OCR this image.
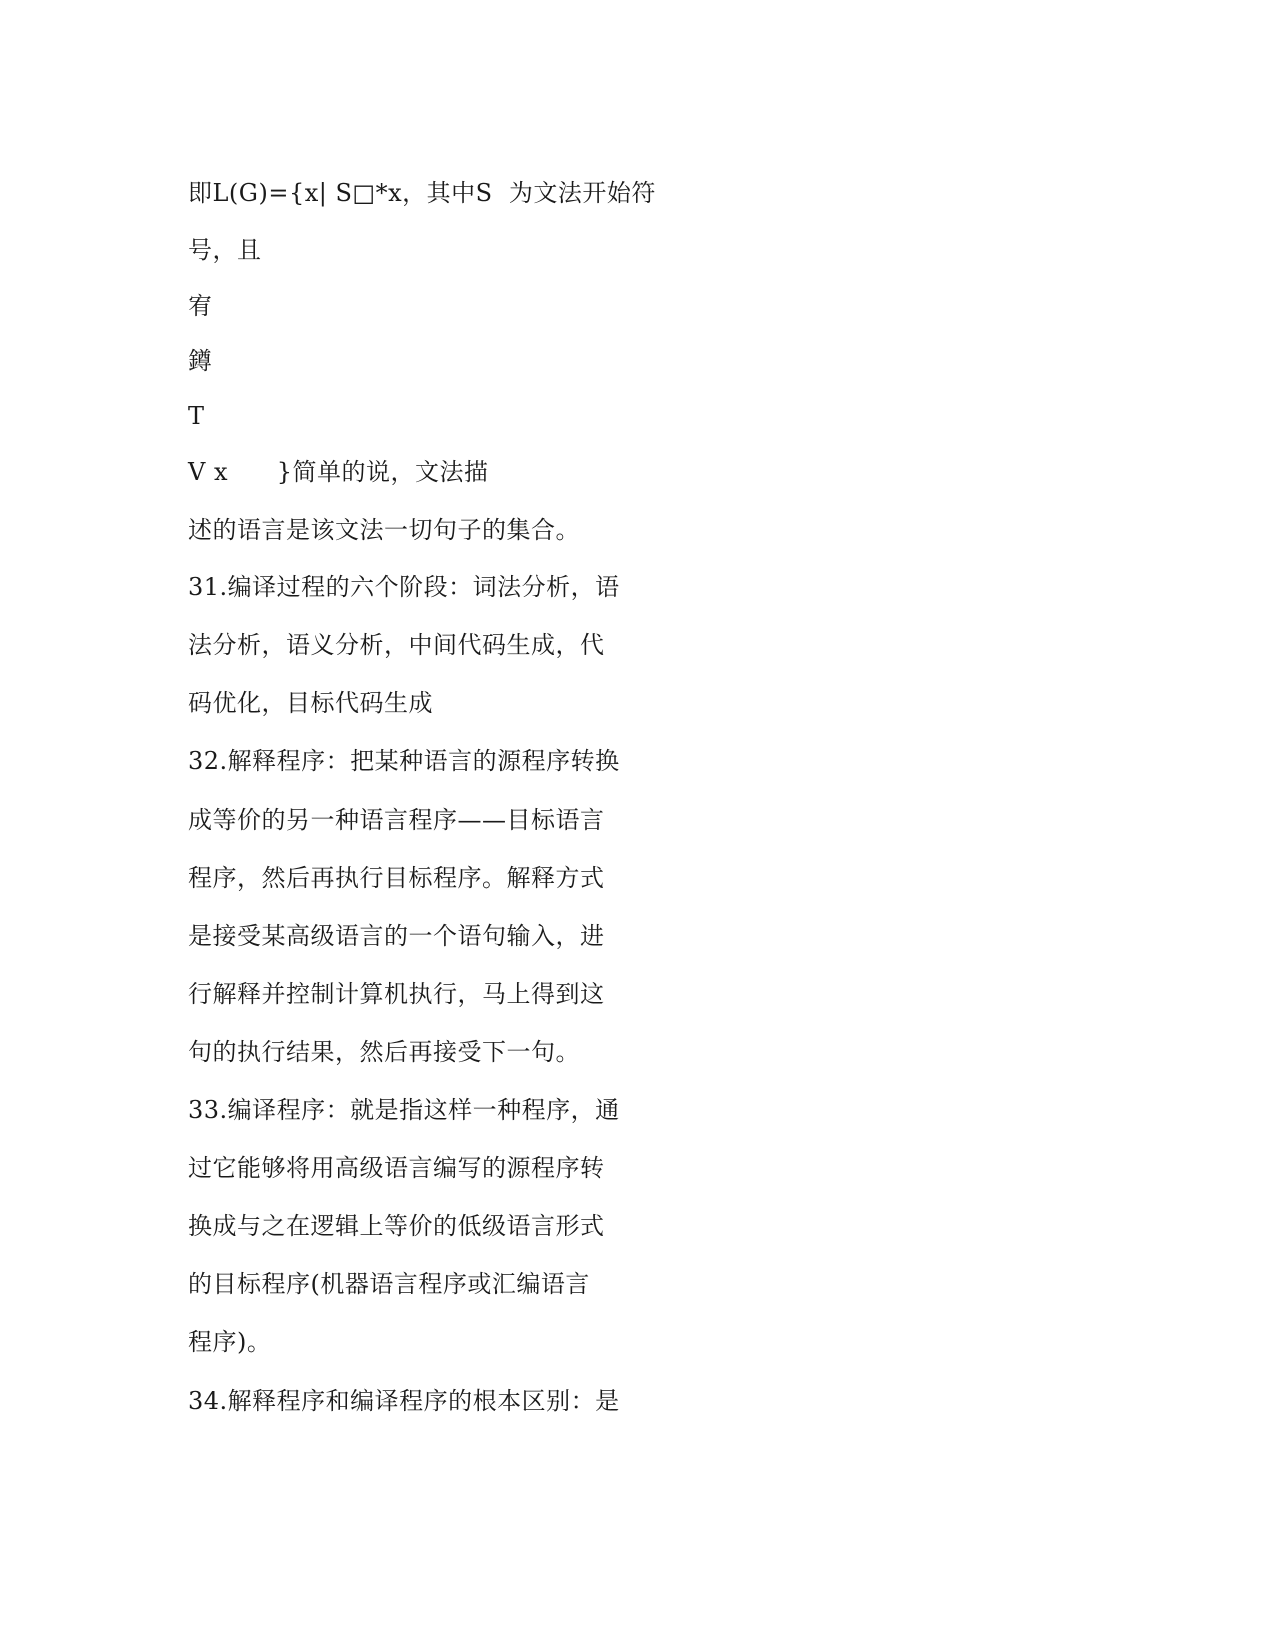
即L(G)={x| S□*x，其中S  为文法开始符
号，且
宥
鐏
T
V x      }简单的说，文法描
述的语言是该文法一切句子的集合。
31.编译过程的六个阶段：词法分析，语
法分析，语义分析，中间代码生成，代
码优化，目标代码生成
32.解释程序：把某种语言的源程序转换
成等价的另一种语言程序——目标语言
程序，然后再执行目标程序。解释方式
是接受某高级语言的一个语句输入，进
行解释并控制计算机执行，马上得到这
句的执行结果，然后再接受下一句。
33.编译程序：就是指这样一种程序，通
过它能够将用高级语言编写的源程序转
换成与之在逻辑上等价的低级语言形式
的目标程序(机器语言程序或汇编语言
程序)。
34.解释程序和编译程序的根本区别：是
